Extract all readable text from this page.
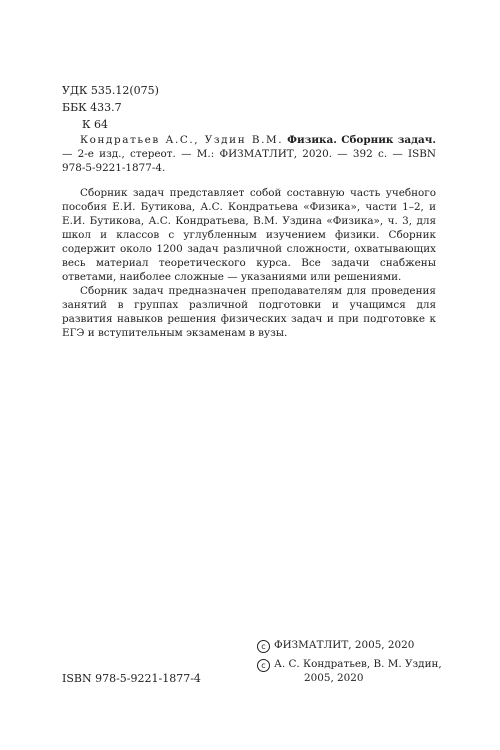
УДК 535.12(075)
ББК 433.7
К 64

Кондратьев А.С., Уздин В.М. Физика. Сборник задач. — 2-е изд., стереот. — М.: ФИЗМАТЛИТ, 2020. — 392 с. — ISBN 978-5-9221-1877-4.

Сборник задач представляет собой составную часть учебного пособия Е.И. Бутикова, А.С. Кондратьева «Физика», части 1–2, и Е.И. Бутикова, А.С. Кондратьева, В.М. Уздина «Физика», ч. 3, для школ и классов с углубленным изучением физики. Сборник содержит около 1200 задач различной сложности, охватывающих весь материал теоретического курса. Все задачи снабжены ответами, наиболее сложные — указаниями или решениями.

Сборник задач предназначен преподавателям для проведения занятий в группах различной подготовки и учащимся для развития навыков решения физических задач и при подготовке к ЕГЭ и вступительным экзаменам в вузы.

ISBN 978-5-9221-1877-4
c ФИЗМАТЛИТ, 2005, 2020
c А. С. Кондратьев, В. М. Уздин,
2005, 2020
